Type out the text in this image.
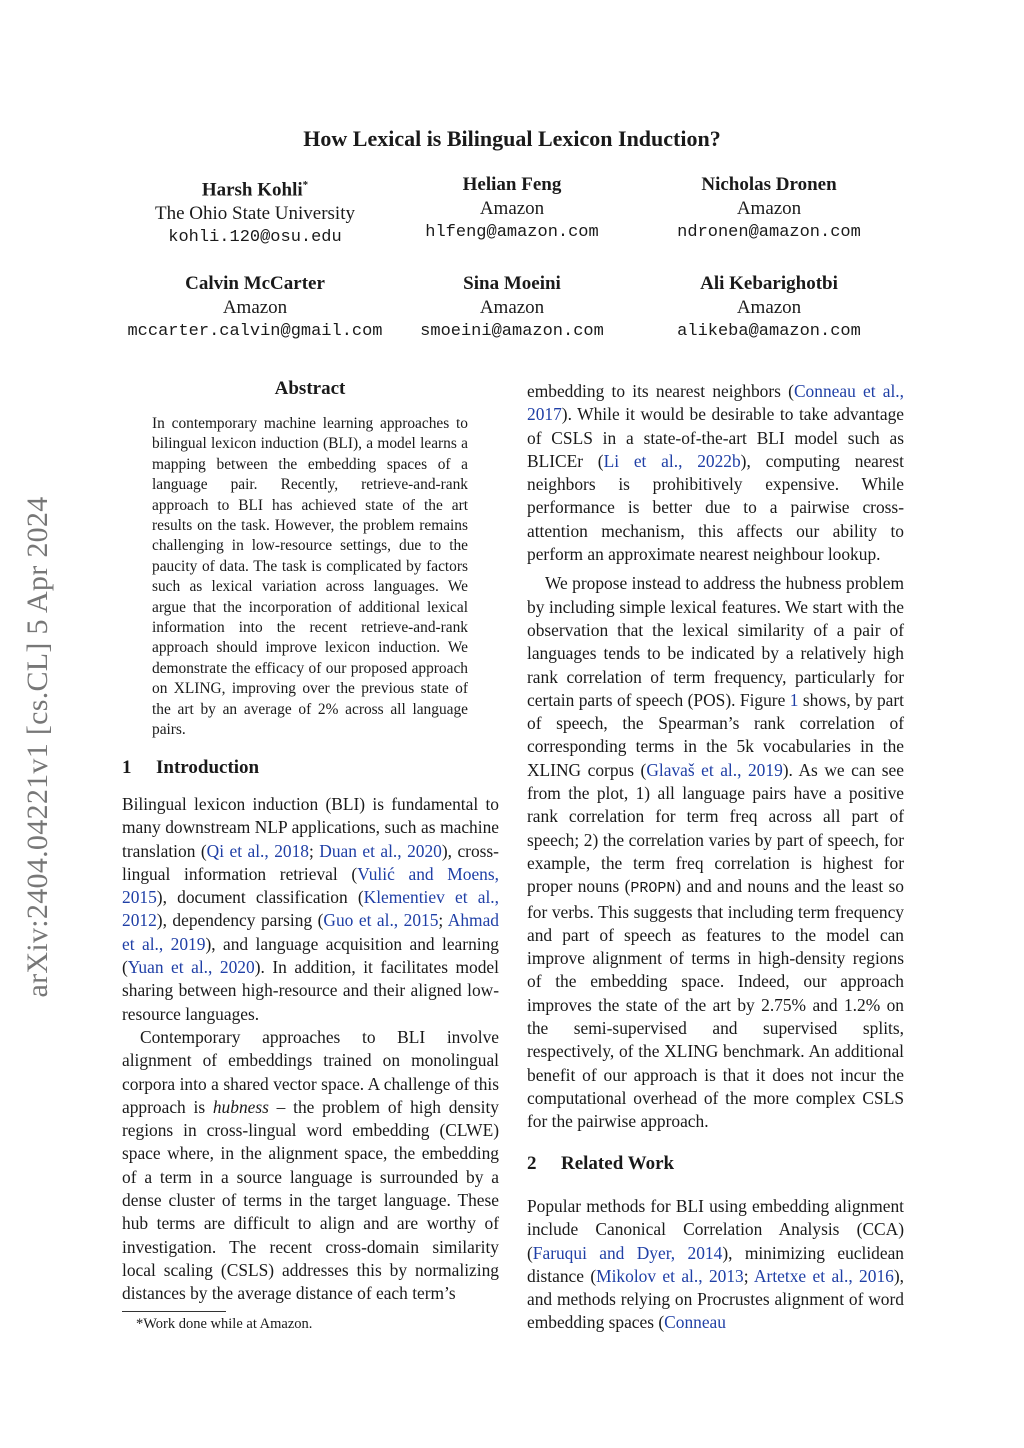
arXiv:2404.04221v1 [cs.CL] 5 Apr 2024
How Lexical is Bilingual Lexicon Induction?
Harsh Kohli*
The Ohio State University
kohli.120@osu.edu
Helian Feng
Amazon
hlfeng@amazon.com
Nicholas Dronen
Amazon
ndronen@amazon.com
Calvin McCarter
Amazon
mccarter.calvin@gmail.com
Sina Moeini
Amazon
smoeini@amazon.com
Ali Kebarighotbi
Amazon
alikeba@amazon.com
Abstract
In contemporary machine learning approaches to bilingual lexicon induction (BLI), a model learns a mapping between the embedding spaces of a language pair. Recently, retrieve-and-rank approach to BLI has achieved state of the art results on the task. However, the problem remains challenging in low-resource settings, due to the paucity of data. The task is complicated by factors such as lexical variation across languages. We argue that the incorporation of additional lexical information into the recent retrieve-and-rank approach should improve lexicon induction. We demonstrate the efficacy of our proposed approach on XLING, improving over the previous state of the art by an average of 2% across all language pairs.
1 Introduction

Bilingual lexicon induction (BLI) is fundamental to many downstream NLP applications, such as machine translation (Qi et al., 2018; Duan et al., 2020), cross-lingual information retrieval (Vulić and Moens, 2015), document classification (Klementiev et al., 2012), dependency parsing (Guo et al., 2015; Ahmad et al., 2019), and language acquisition and learning (Yuan et al., 2020). In addition, it facilitates model sharing between high-resource and their aligned low-resource languages.

Contemporary approaches to BLI involve alignment of embeddings trained on monolingual corpora into a shared vector space. A challenge of this approach is hubness – the problem of high density regions in cross-lingual word embedding (CLWE) space where, in the alignment space, the embedding of a term in a source language is surrounded by a dense cluster of terms in the target language. These hub terms are difficult to align and are worthy of investigation. The recent cross-domain similarity local scaling (CSLS) addresses this by normalizing distances by the average distance of each term’s

embedding to its nearest neighbors (Conneau et al., 2017). While it would be desirable to take advantage of CSLS in a state-of-the-art BLI model such as BLICEr (Li et al., 2022b), computing nearest neighbors is prohibitively expensive. While performance is better due to a pairwise cross-attention mechanism, this affects our ability to perform an approximate nearest neighbour lookup.

We propose instead to address the hubness problem by including simple lexical features. We start with the observation that the lexical similarity of a pair of languages tends to be indicated by a relatively high rank correlation of term frequency, particularly for certain parts of speech (POS). Figure 1 shows, by part of speech, the Spearman’s rank correlation of corresponding terms in the 5k vocabularies in the XLING corpus (Glavaš et al., 2019). As we can see from the plot, 1) all language pairs have a positive rank correlation for term freq across all part of speech; 2) the correlation varies by part of speech, for example, the term freq correlation is highest for proper nouns (PROPN) and and nouns and the least so for verbs. This suggests that including term frequency and part of speech as features to the model can improve alignment of terms in high-density regions of the embedding space. Indeed, our approach improves the state of the art by 2.75% and 1.2% on the semi-supervised and supervised splits, respectively, of the XLING benchmark. An additional benefit of our approach is that it does not incur the computational overhead of the more complex CSLS for the pairwise approach.

2 Related Work

Popular methods for BLI using embedding alignment include Canonical Correlation Analysis (CCA) (Faruqui and Dyer, 2014), minimizing euclidean distance (Mikolov et al., 2013; Artetxe et al., 2016), and methods relying on Procrustes alignment of word embedding spaces (Conneau

*Work done while at Amazon.
